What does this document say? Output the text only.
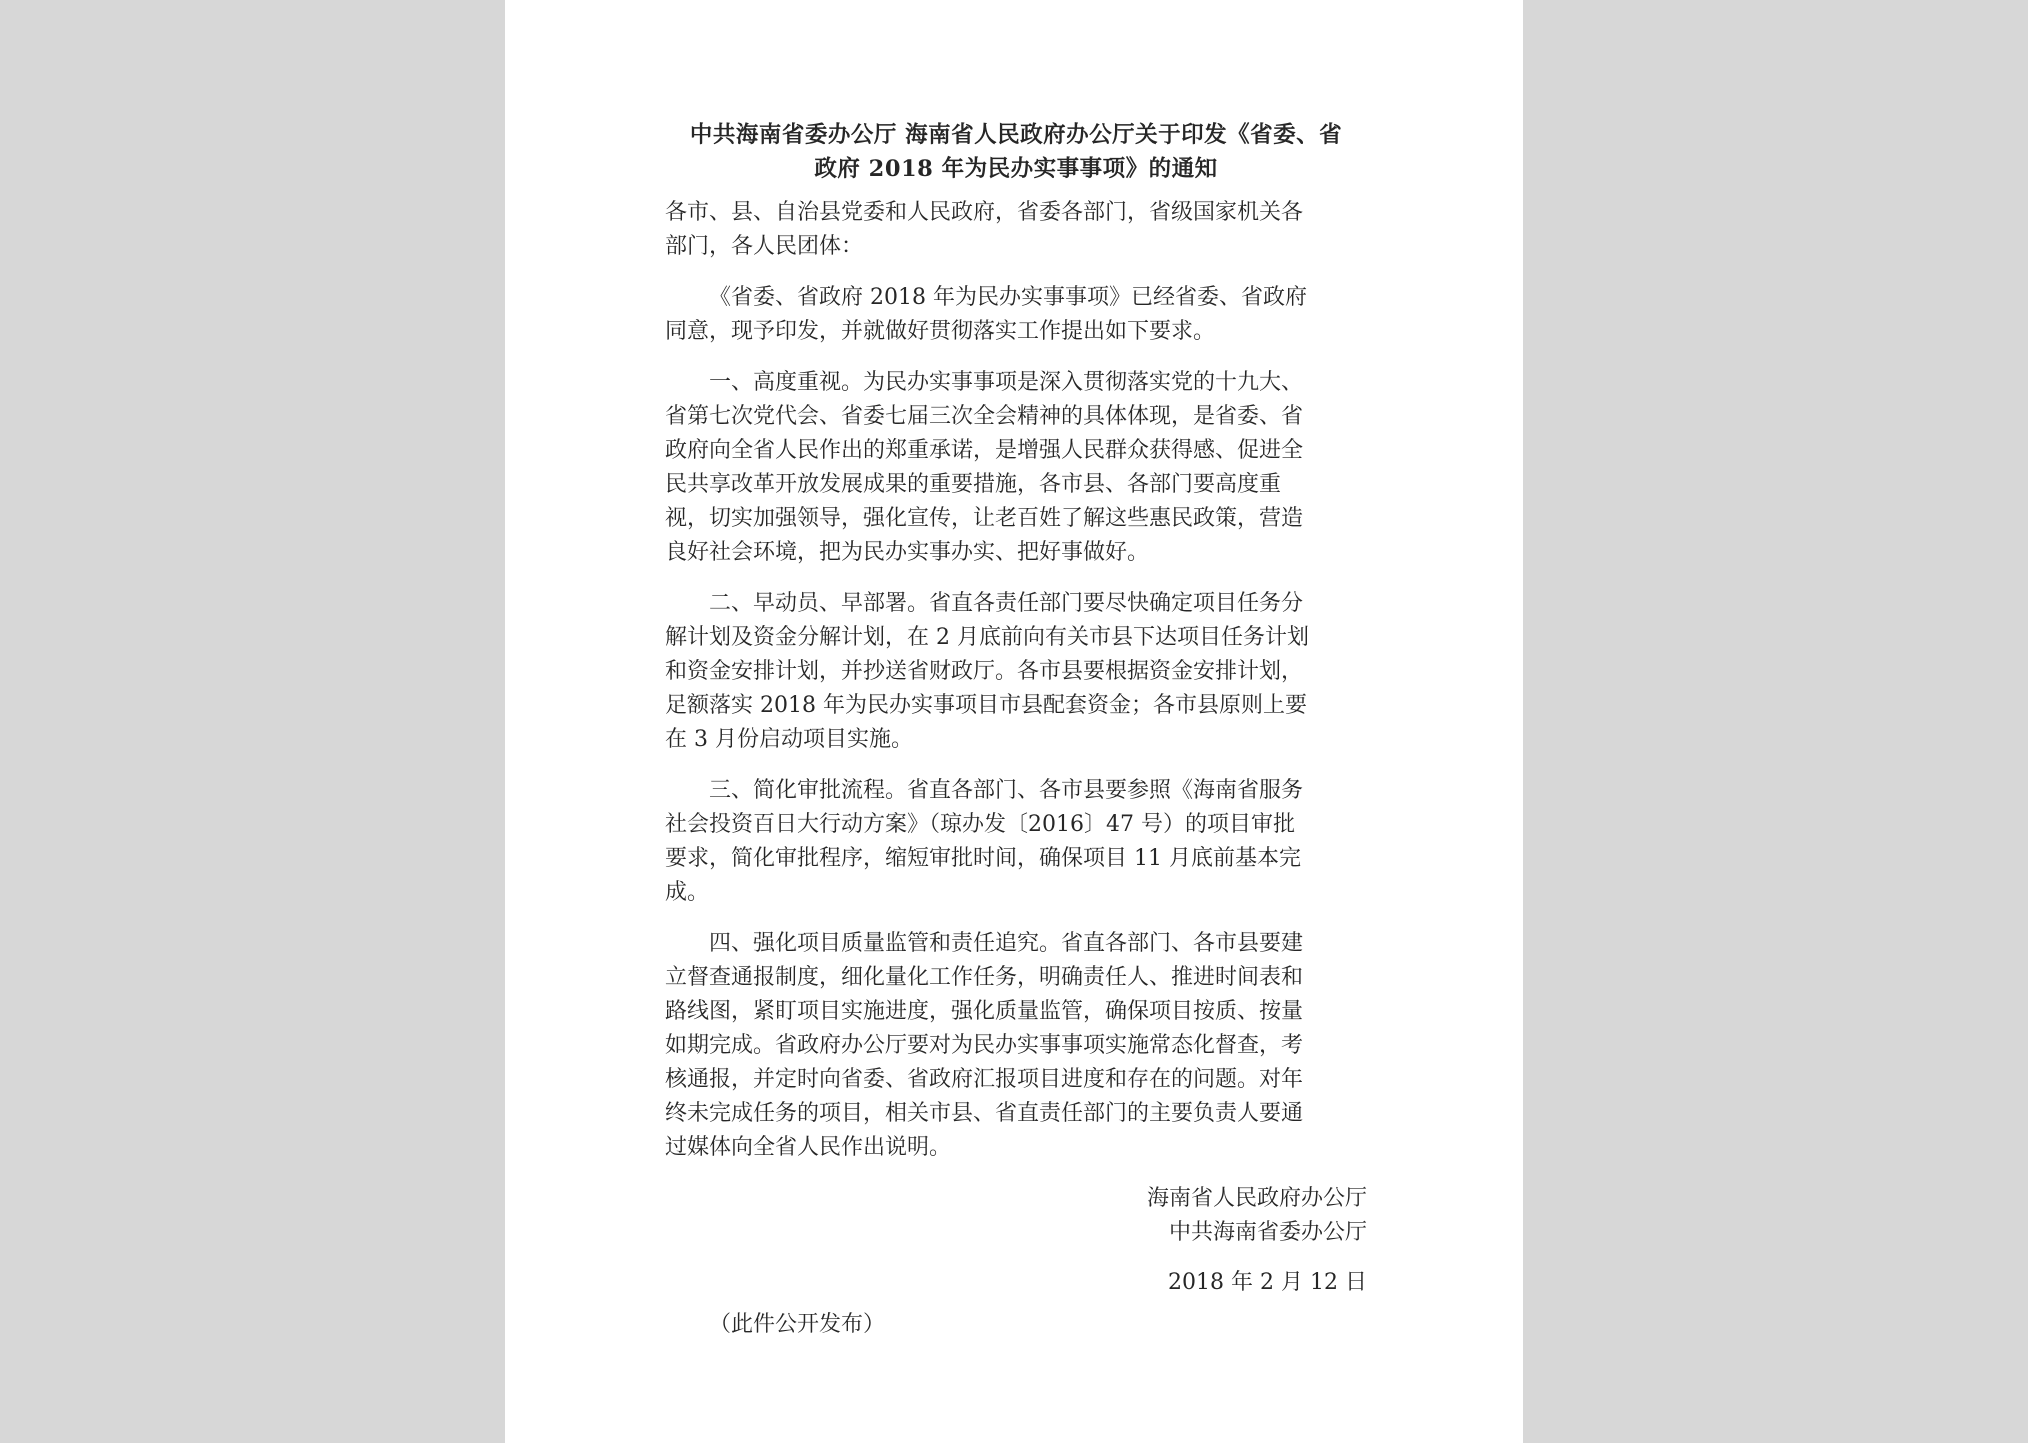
中共海南省委办公厅 海南省人民政府办公厅关于印发《省委、省
政府 2018 年为民办实事事项》的通知
各市、县、自治县党委和人民政府，省委各部门，省级国家机关各
部门，各人民团体：
《省委、省政府 2018 年为民办实事事项》已经省委、省政府
同意，现予印发，并就做好贯彻落实工作提出如下要求。
一、高度重视。为民办实事事项是深入贯彻落实党的十九大、
省第七次党代会、省委七届三次全会精神的具体体现，是省委、省
政府向全省人民作出的郑重承诺，是增强人民群众获得感、促进全
民共享改革开放发展成果的重要措施，各市县、各部门要高度重
视，切实加强领导，强化宣传，让老百姓了解这些惠民政策，营造
良好社会环境，把为民办实事办实、把好事做好。
二、早动员、早部署。省直各责任部门要尽快确定项目任务分
解计划及资金分解计划，在 2 月底前向有关市县下达项目任务计划
和资金安排计划，并抄送省财政厅。各市县要根据资金安排计划，
足额落实 2018 年为民办实事项目市县配套资金；各市县原则上要
在 3 月份启动项目实施。
三、简化审批流程。省直各部门、各市县要参照《海南省服务
社会投资百日大行动方案》（琼办发〔2016〕47 号）的项目审批
要求，简化审批程序，缩短审批时间，确保项目 11 月底前基本完
成。
四、强化项目质量监管和责任追究。省直各部门、各市县要建
立督查通报制度，细化量化工作任务，明确责任人、推进时间表和
路线图，紧盯项目实施进度，强化质量监管，确保项目按质、按量
如期完成。省政府办公厅要对为民办实事事项实施常态化督查，考
核通报，并定时向省委、省政府汇报项目进度和存在的问题。对年
终未完成任务的项目，相关市县、省直责任部门的主要负责人要通
过媒体向全省人民作出说明。
海南省人民政府办公厅
中共海南省委办公厅
2018 年 2 月 12 日
（此件公开发布）
